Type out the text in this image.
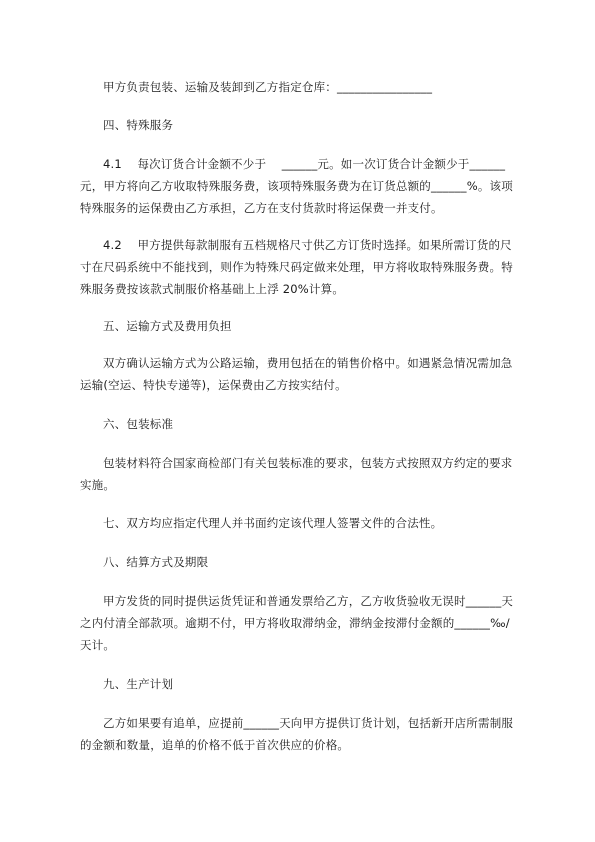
甲方负责包装、运输及装卸到乙方指定仓库：________________

四、特殊服务

4.1　 每次订货合计金额不少于　 ______元。如一次订货合计金额少于______元，甲方将向乙方收取特殊服务费，该项特殊服务费为在订货总额的______%。该项特殊服务的运保费由乙方承担，乙方在支付货款时将运保费一并支付。

4.2　 甲方提供每款制服有五档规格尺寸供乙方订货时选择。如果所需订货的尺寸在尺码系统中不能找到，则作为特殊尺码定做来处理，甲方将收取特殊服务费。特殊服务费按该款式制服价格基础上上浮 20%计算。

五、运输方式及费用负担

双方确认运输方式为公路运输，费用包括在的销售价格中。如遇紧急情况需加急运输(空运、特快专递等)，运保费由乙方按实结付。

六、包装标准

包装材料符合国家商检部门有关包装标准的要求，包装方式按照双方约定的要求实施。

七、双方均应指定代理人并书面约定该代理人签署文件的合法性。

八、结算方式及期限

甲方发货的同时提供运货凭证和普通发票给乙方，乙方收货验收无误时______天之内付清全部款项。逾期不付，甲方将收取滞纳金，滞纳金按滞付金额的______‰/天计。

九、生产计划

乙方如果要有追单，应提前______天向甲方提供订货计划，包括新开店所需制服的金额和数量，追单的价格不低于首次供应的价格。
